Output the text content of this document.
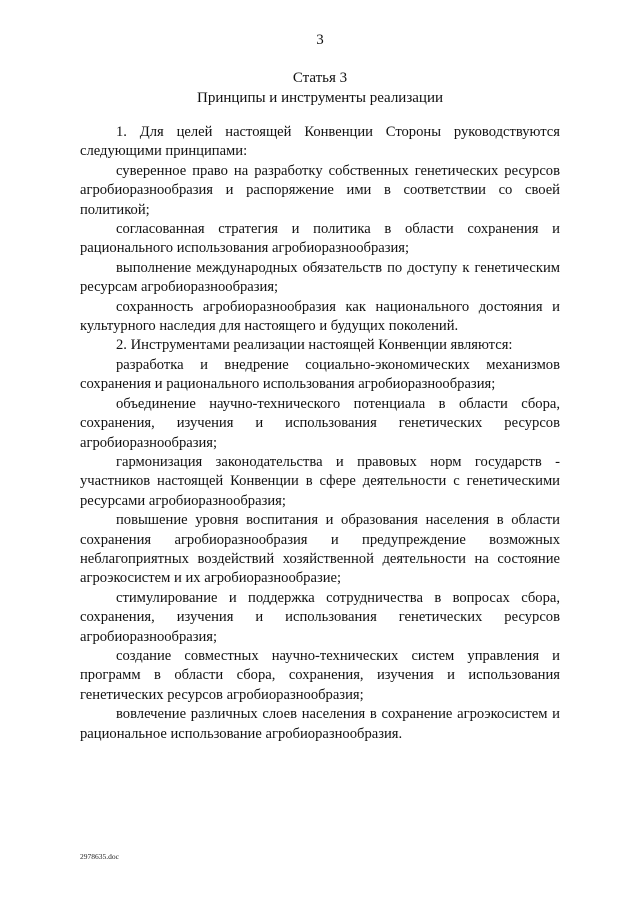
3
Статья 3
Принципы и инструменты реализации

1. Для целей настоящей Конвенции Стороны руководствуются следующими принципами:

суверенное право на разработку собственных генетических ресурсов агробиоразнообразия и распоряжение ими в соответствии со своей политикой;

согласованная стратегия и политика в области сохранения и рационального использования агробиоразнообразия;

выполнение международных обязательств по доступу к генетическим ресурсам агробиоразнообразия;

сохранность агробиоразнообразия как национального достояния и культурного наследия для настоящего и будущих поколений.

2. Инструментами реализации настоящей Конвенции являются:

разработка и внедрение социально-экономических механизмов сохранения и рационального использования агробиоразнообразия;

объединение научно-технического потенциала в области сбора, сохранения, изучения и использования генетических ресурсов агробиоразнообразия;

гармонизация законодательства и правовых норм государств - участников настоящей Конвенции в сфере деятельности с генетическими ресурсами агробиоразнообразия;

повышение уровня воспитания и образования населения в области сохранения агробиоразнообразия и предупреждение возможных неблагоприятных воздействий хозяйственной деятельности на состояние агроэкосистем и их агробиоразнообразие;

стимулирование и поддержка сотрудничества в вопросах сбора, сохранения, изучения и использования генетических ресурсов агробиоразнообразия;

создание совместных научно-технических систем управления и программ в области сбора, сохранения, изучения и использования генетических ресурсов агробиоразнообразия;

вовлечение различных слоев населения в сохранение агроэкосистем и рациональное использование агробиоразнообразия.

2978635.doc
